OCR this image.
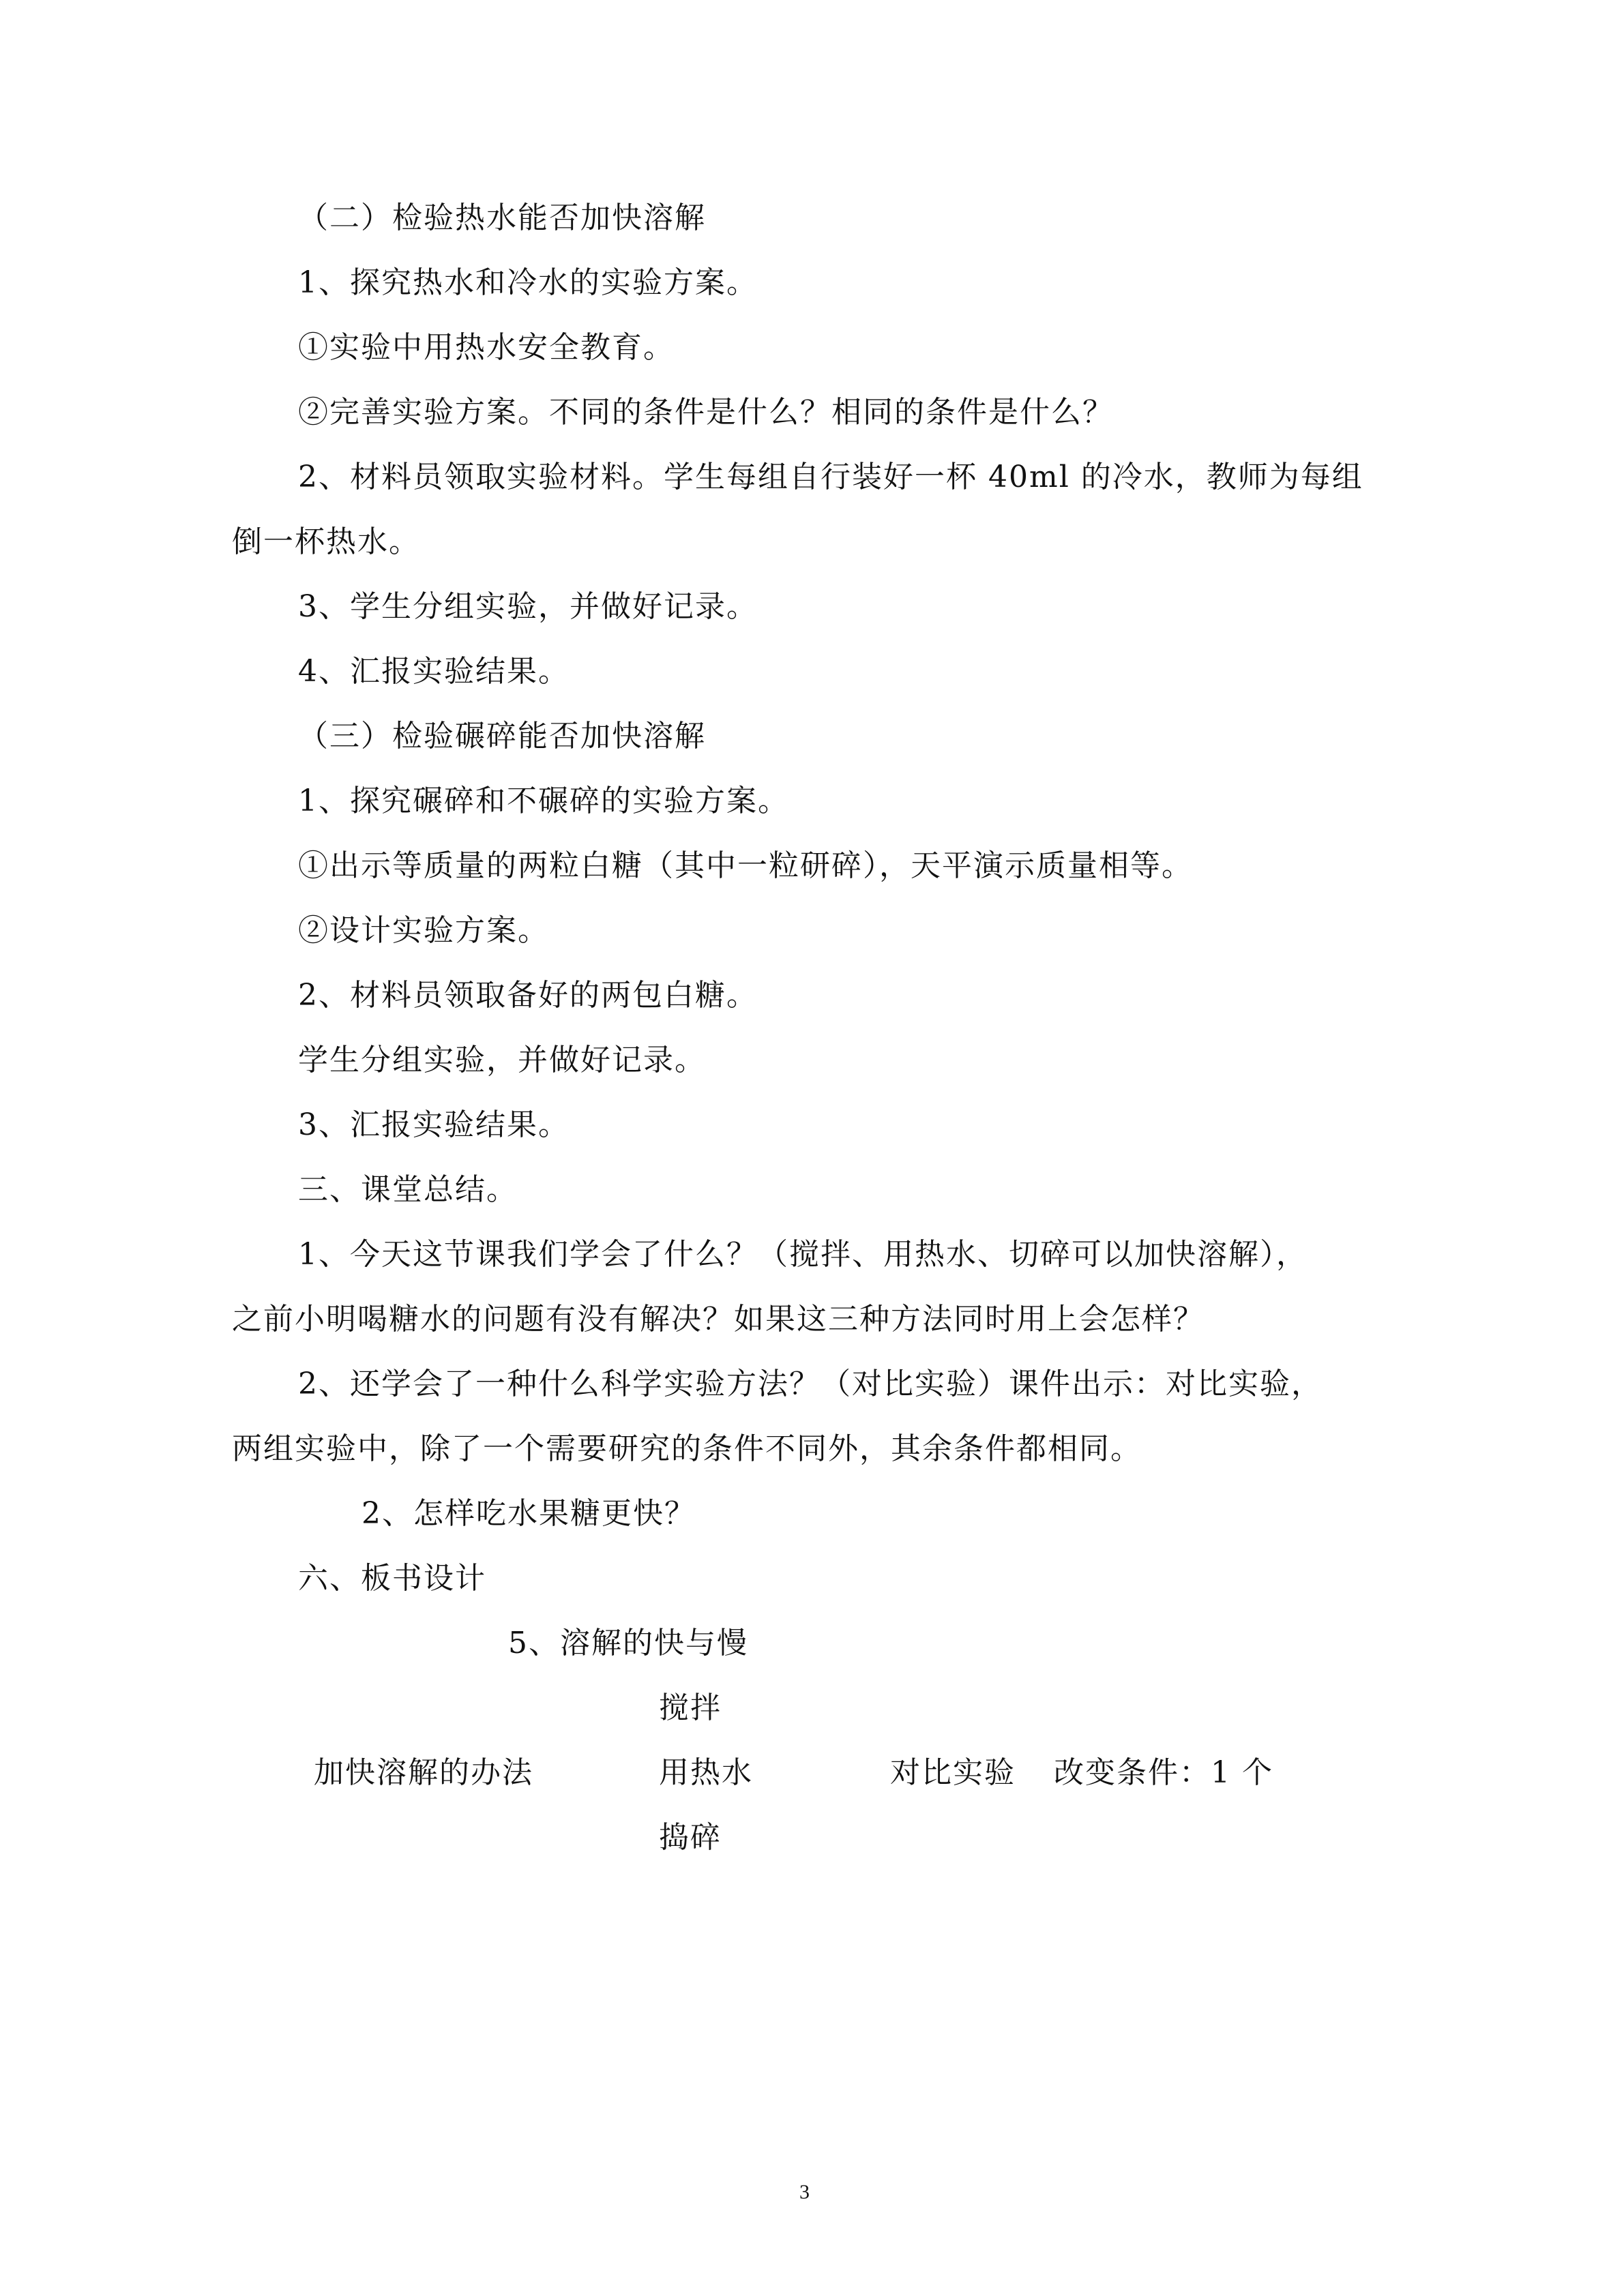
（二）检验热水能否加快溶解
1、探究热水和冷水的实验方案。
①实验中用热水安全教育。
②完善实验方案。不同的条件是什么？相同的条件是什么？
2、材料员领取实验材料。学生每组自行装好一杯 40ml 的冷水，教师为每组
倒一杯热水。
3、学生分组实验，并做好记录。
4、汇报实验结果。
（三）检验碾碎能否加快溶解
1、探究碾碎和不碾碎的实验方案。
①出示等质量的两粒白糖（其中一粒研碎），天平演示质量相等。
②设计实验方案。
2、材料员领取备好的两包白糖。
学生分组实验，并做好记录。
3、汇报实验结果。
三、课堂总结。
1、今天这节课我们学会了什么？（搅拌、用热水、切碎可以加快溶解），
之前小明喝糖水的问题有没有解决？如果这三种方法同时用上会怎样？
2、还学会了一种什么科学实验方法？（对比实验）课件出示：对比实验，
两组实验中，除了一个需要研究的条件不同外，其余条件都相同。
2、怎样吃水果糖更快？
六、板书设计
5、溶解的快与慢
搅拌
加快溶解的办法	用热水	对比实验 改变条件：1 个
捣碎
3
